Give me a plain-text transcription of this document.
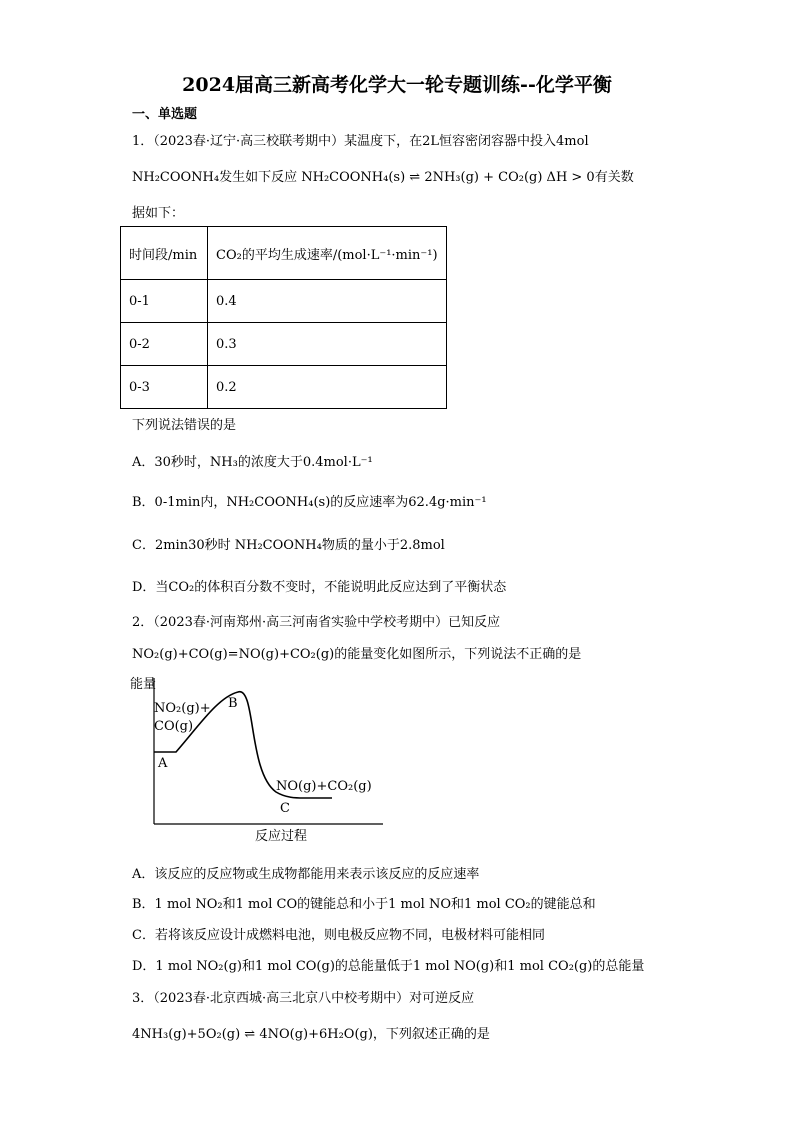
2024届高三新高考化学大一轮专题训练--化学平衡
一、单选题
1．（2023春·辽宁·高三校联考期中）某温度下，在2L恒容密闭容器中投入4mol
NH₂COONH₄发生如下反应 NH₂COONH₄(s) ⇌ 2NH₃(g) + CO₂(g) ΔH > 0有关数
据如下：
时间段/min	CO₂的平均生成速率/(mol·L⁻¹·min⁻¹)
0-1	0.4
0-2	0.3
0-3	0.2
下列说法错误的是
A．30秒时，NH₃的浓度大于0.4mol·L⁻¹
B．0-1min内，NH₂COONH₄(s)的反应速率为62.4g·min⁻¹
C．2min30秒时 NH₂COONH₄物质的量小于2.8mol
D．当CO₂的体积百分数不变时，不能说明此反应达到了平衡状态
2．（2023春·河南郑州·高三河南省实验中学校考期中）已知反应
NO₂(g)+CO(g)=NO(g)+CO₂(g)的能量变化如图所示，下列说法不正确的是
能量
反应过程
NO₂(g)+
CO(g)
NO(g)+CO₂(g)
A
B
C
A．该反应的反应物或生成物都能用来表示该反应的反应速率
B．1 mol NO₂和1 mol CO的键能总和小于1 mol NO和1 mol CO₂的键能总和
C．若将该反应设计成燃料电池，则电极反应物不同，电极材料可能相同
D．1 mol NO₂(g)和1 mol CO(g)的总能量低于1 mol NO(g)和1 mol CO₂(g)的总能量
3．（2023春·北京西城·高三北京八中校考期中）对可逆反应
4NH₃(g)+5O₂(g) ⇌ 4NO(g)+6H₂O(g)，下列叙述正确的是
